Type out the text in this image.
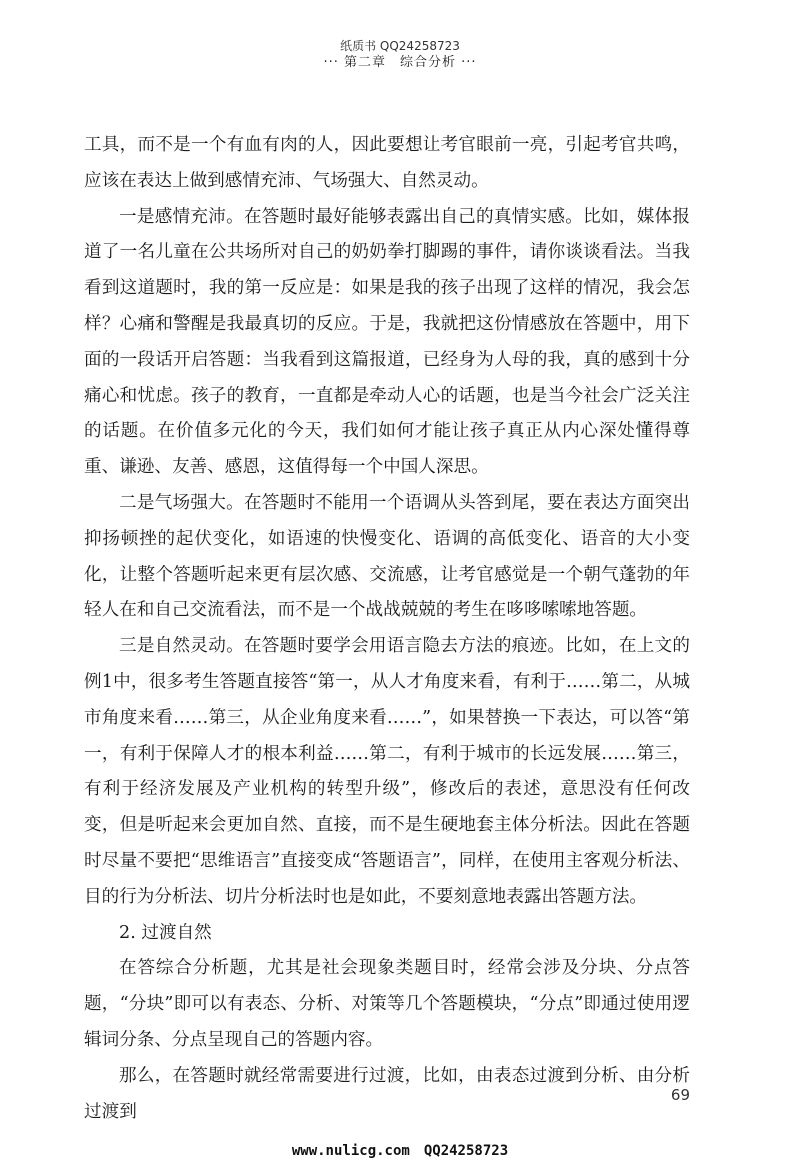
纸质书 QQ24258723
··· 第二章　综合分析 ···

工具，而不是一个有血有肉的人，因此要想让考官眼前一亮，引起考官共鸣，应该在表达上做到感情充沛、气场强大、自然灵动。

一是感情充沛。在答题时最好能够表露出自己的真情实感。比如，媒体报道了一名儿童在公共场所对自己的奶奶拳打脚踢的事件，请你谈谈看法。当我看到这道题时，我的第一反应是：如果是我的孩子出现了这样的情况，我会怎样？心痛和警醒是我最真切的反应。于是，我就把这份情感放在答题中，用下面的一段话开启答题：当我看到这篇报道，已经身为人母的我，真的感到十分痛心和忧虑。孩子的教育，一直都是牵动人心的话题，也是当今社会广泛关注的话题。在价值多元化的今天，我们如何才能让孩子真正从内心深处懂得尊重、谦逊、友善、感恩，这值得每一个中国人深思。

二是气场强大。在答题时不能用一个语调从头答到尾，要在表达方面突出抑扬顿挫的起伏变化，如语速的快慢变化、语调的高低变化、语音的大小变化，让整个答题听起来更有层次感、交流感，让考官感觉是一个朝气蓬勃的年轻人在和自己交流看法，而不是一个战战兢兢的考生在哆哆嗦嗦地答题。

三是自然灵动。在答题时要学会用语言隐去方法的痕迹。比如，在上文的例1中，很多考生答题直接答“第一，从人才角度来看，有利于……第二，从城市角度来看……第三，从企业角度来看……”，如果替换一下表达，可以答“第一，有利于保障人才的根本利益……第二，有利于城市的长远发展……第三，有利于经济发展及产业机构的转型升级”，修改后的表述，意思没有任何改变，但是听起来会更加自然、直接，而不是生硬地套主体分析法。因此在答题时尽量不要把“思维语言”直接变成“答题语言”，同样，在使用主客观分析法、目的行为分析法、切片分析法时也是如此，不要刻意地表露出答题方法。

2. 过渡自然

在答综合分析题，尤其是社会现象类题目时，经常会涉及分块、分点答题，“分块”即可以有表态、分析、对策等几个答题模块，“分点”即通过使用逻辑词分条、分点呈现自己的答题内容。

那么，在答题时就经常需要进行过渡，比如，由表态过渡到分析、由分析过渡到

69
www.nulicg.com　QQ24258723
